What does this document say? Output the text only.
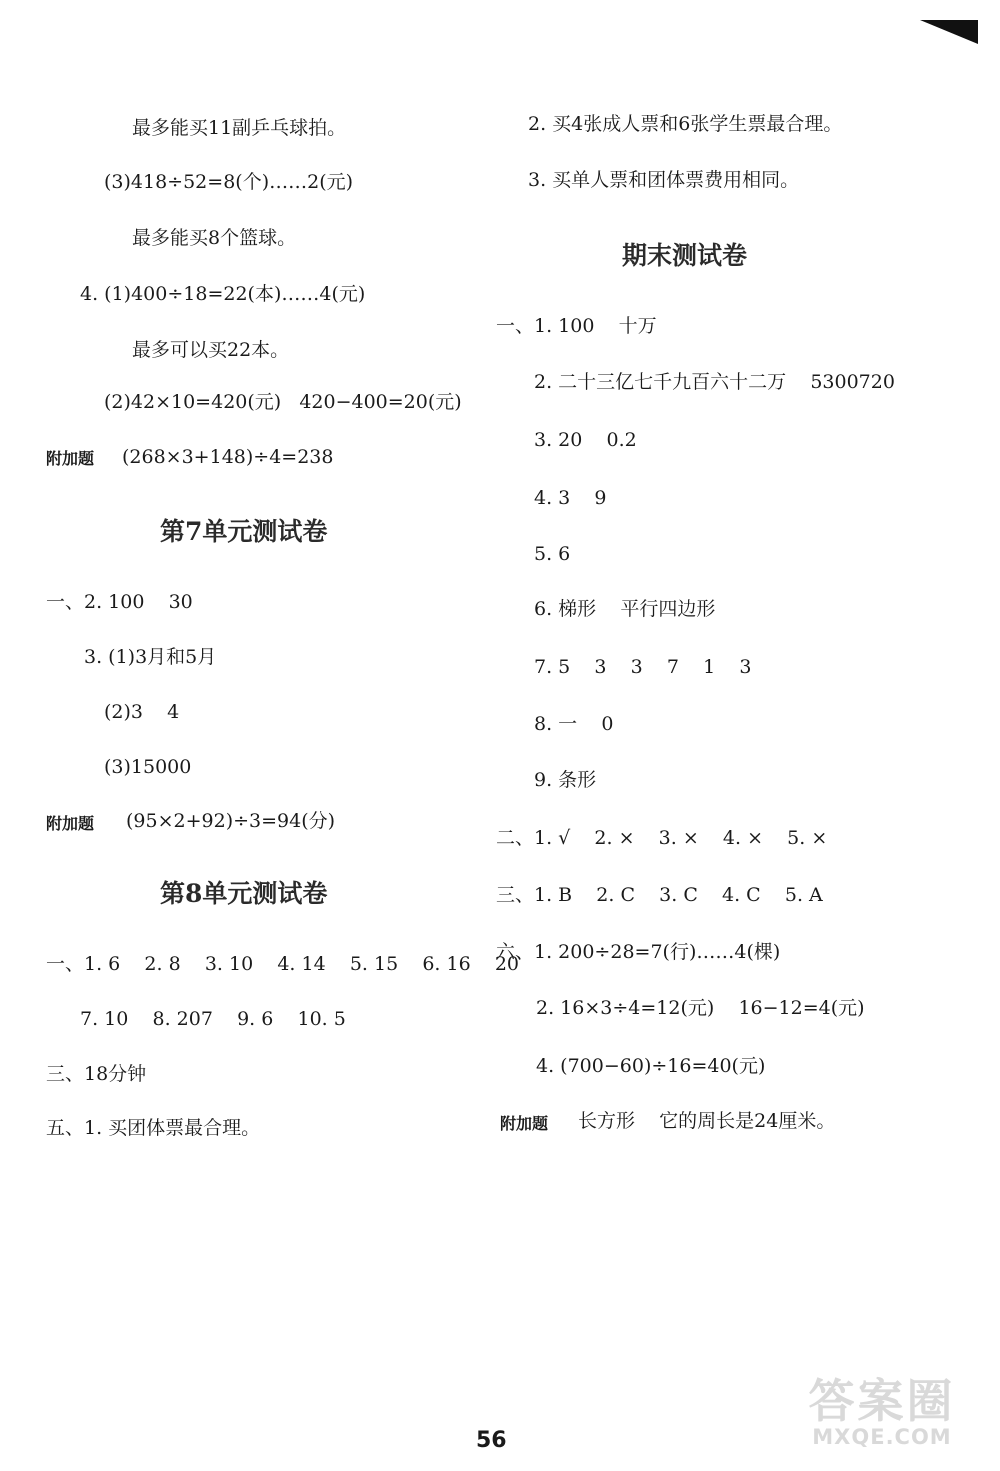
最多能买11副乒乓球拍。
(3)418÷52=8(个)……2(元)
最多能买8个篮球。
4. (1)400÷18=22(本)……4(元)
最多可以买22本。
(2)42×10=420(元)   420−400=20(元)
附加题 (268×3+148)÷4=238
第7单元测试卷
一、2. 100    30
3. (1)3月和5月
(2)3    4
(3)15000
附加题 (95×2+92)÷3=94(分)
第8单元测试卷
一、1. 6    2. 8    3. 10    4. 14    5. 15    6. 16    20
7. 10    8. 207    9. 6    10. 5
三、18分钟
五、1. 买团体票最合理。
2. 买4张成人票和6张学生票最合理。
3. 买单人票和团体票费用相同。
期末测试卷
一、1. 100    十万
2. 二十三亿七千九百六十二万    5300720
3. 20    0.2
4. 3    9
5. 6
6. 梯形    平行四边形
7. 5    3    3    7    1    3
8. 一    0
9. 条形
二、1. √    2. ×    3. ×    4. ×    5. ×
三、1. B    2. C    3. C    4. C    5. A
六、1. 200÷28=7(行)……4(棵)
2. 16×3÷4=12(元)    16−12=4(元)
4. (700−60)÷16=40(元)
附加题 长方形    它的周长是24厘米。
56
答案圈
MXQE.COM
